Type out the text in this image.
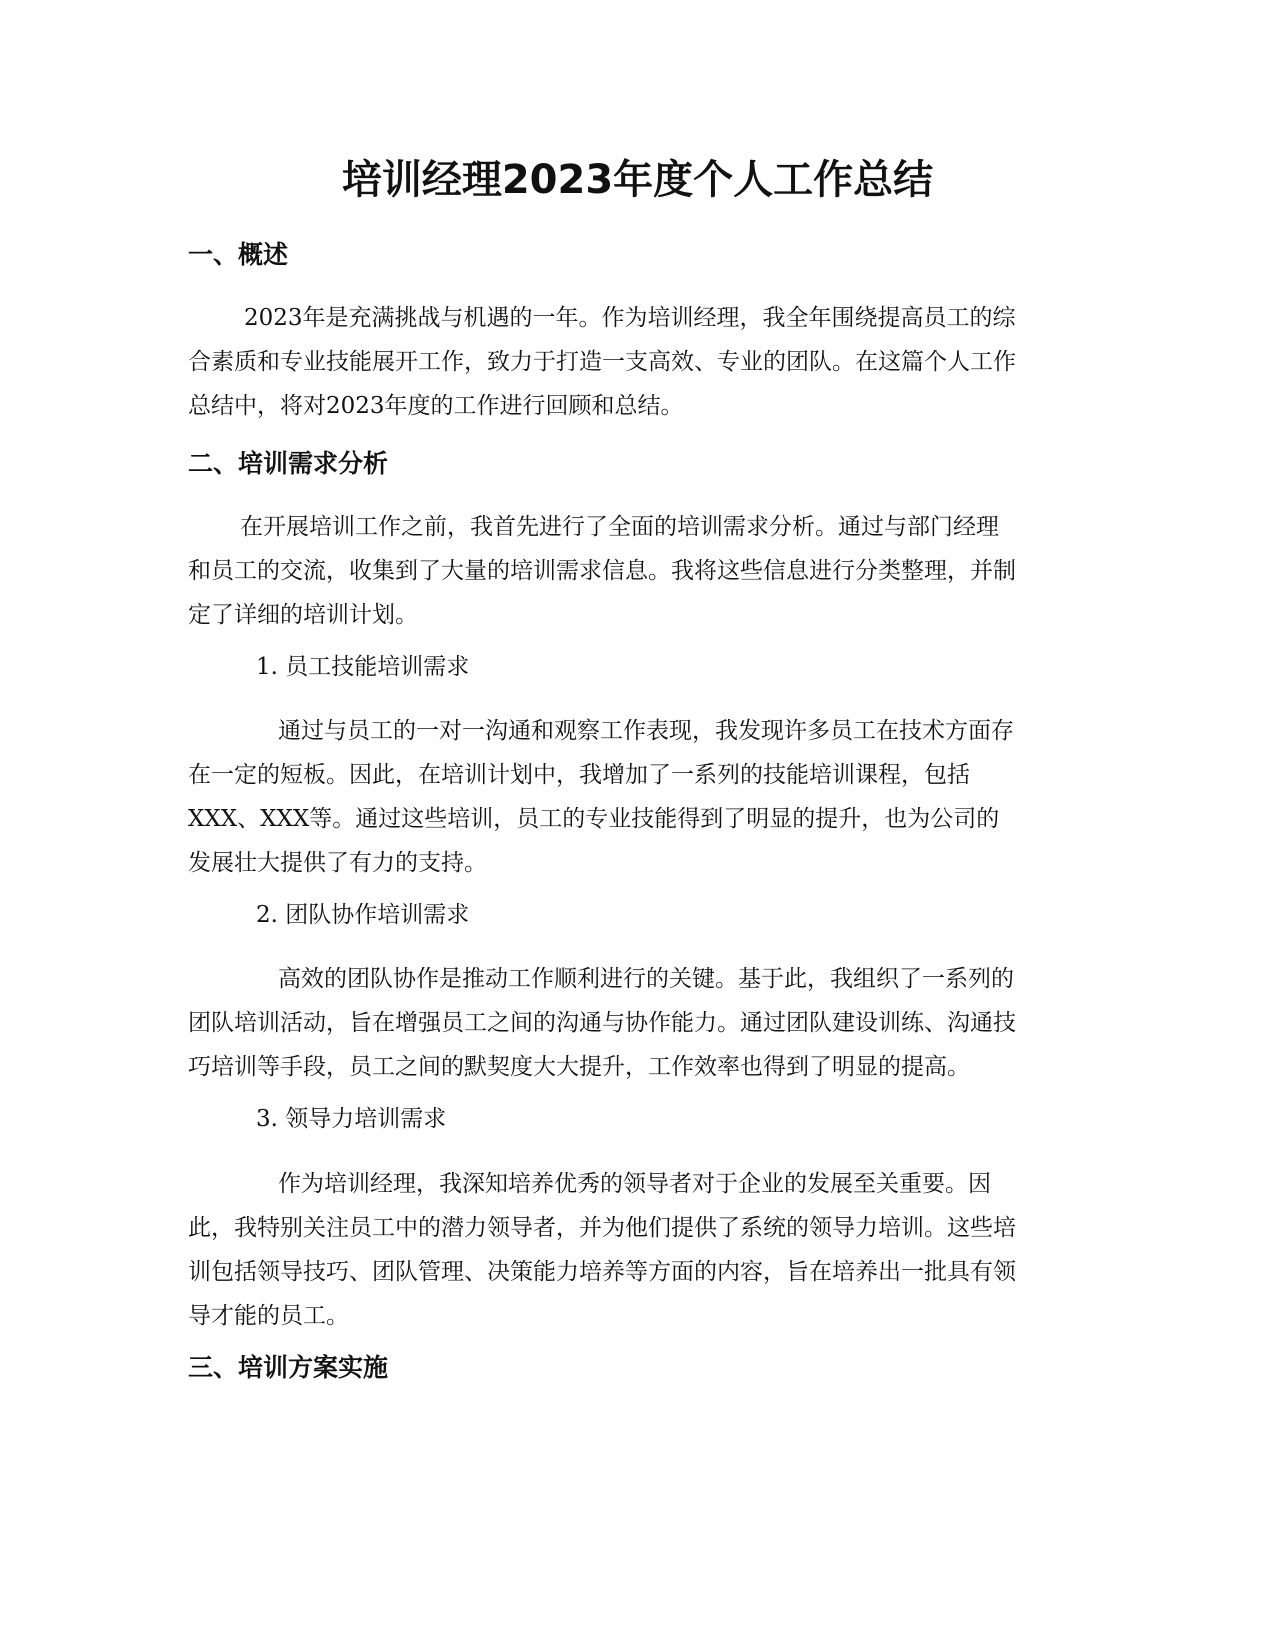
培训经理2023年度个人工作总结
一、概述
2023年是充满挑战与机遇的一年。作为培训经理，我全年围绕提高员工的综
合素质和专业技能展开工作，致力于打造一支高效、专业的团队。在这篇个人工作
总结中，将对2023年度的工作进行回顾和总结。
二、培训需求分析
在开展培训工作之前，我首先进行了全面的培训需求分析。通过与部门经理
和员工的交流，收集到了大量的培训需求信息。我将这些信息进行分类整理，并制
定了详细的培训计划。
1. 员工技能培训需求
通过与员工的一对一沟通和观察工作表现，我发现许多员工在技术方面存
在一定的短板。因此，在培训计划中，我增加了一系列的技能培训课程，包括
XXX、XXX等。通过这些培训，员工的专业技能得到了明显的提升，也为公司的
发展壮大提供了有力的支持。
2. 团队协作培训需求
高效的团队协作是推动工作顺利进行的关键。基于此，我组织了一系列的
团队培训活动，旨在增强员工之间的沟通与协作能力。通过团队建设训练、沟通技
巧培训等手段，员工之间的默契度大大提升，工作效率也得到了明显的提高。
3. 领导力培训需求
作为培训经理，我深知培养优秀的领导者对于企业的发展至关重要。因
此，我特别关注员工中的潜力领导者，并为他们提供了系统的领导力培训。这些培
训包括领导技巧、团队管理、决策能力培养等方面的内容，旨在培养出一批具有领
导才能的员工。
三、培训方案实施
